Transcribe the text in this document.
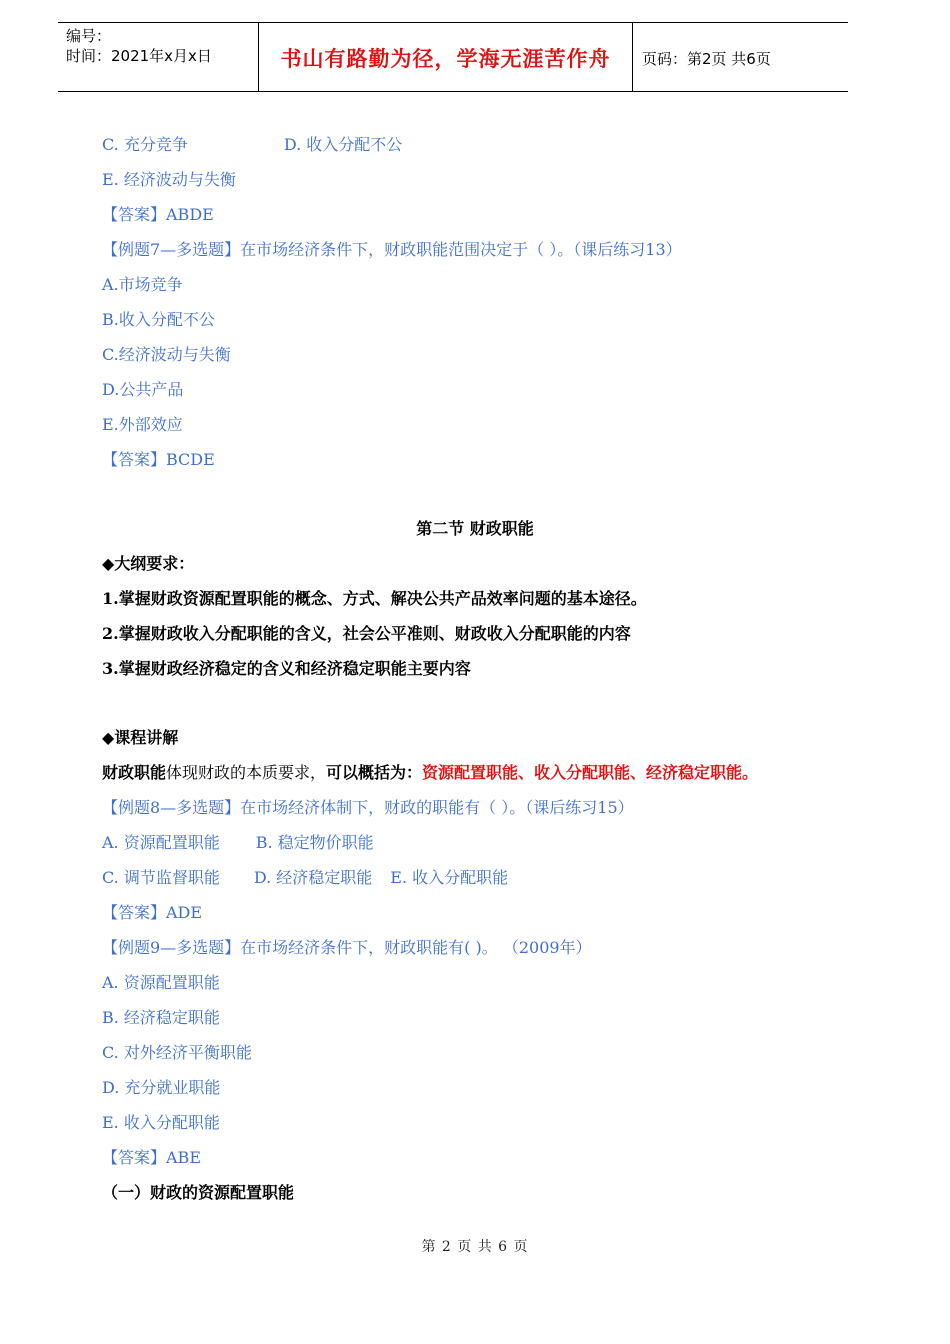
编号：
时间：2021年x月x日	书山有路勤为径，学海无涯苦作舟	页码：第2页 共6页
C. 充分竞争	D. 收入分配不公
E. 经济波动与失衡
【答案】ABDE
【例题7—多选题】在市场经济条件下，财政职能范围决定于（ ）。（课后练习13）
A.市场竞争
B.收入分配不公
C.经济波动与失衡
D.公共产品
E.外部效应
【答案】BCDE
第二节 财政职能
◆大纲要求：
1.掌握财政资源配置职能的概念、方式、解决公共产品效率问题的基本途径。
2.掌握财政收入分配职能的含义，社会公平准则、财政收入分配职能的内容
3.掌握财政经济稳定的含义和经济稳定职能主要内容
◆课程讲解
财政职能体现财政的本质要求，可以概括为：资源配置职能、收入分配职能、经济稳定职能。
【例题8—多选题】在市场经济体制下，财政的职能有（ ）。（课后练习15）
A. 资源配置职能 B. 稳定物价职能
C. 调节监督职能 D. 经济稳定职能 E. 收入分配职能
【答案】ADE
【例题9—多选题】在市场经济条件下，财政职能有( )。 （2009年）
A. 资源配置职能
B. 经济稳定职能
C. 对外经济平衡职能
D. 充分就业职能
E. 收入分配职能
【答案】ABE
（一）财政的资源配置职能
第 2 页 共 6 页
